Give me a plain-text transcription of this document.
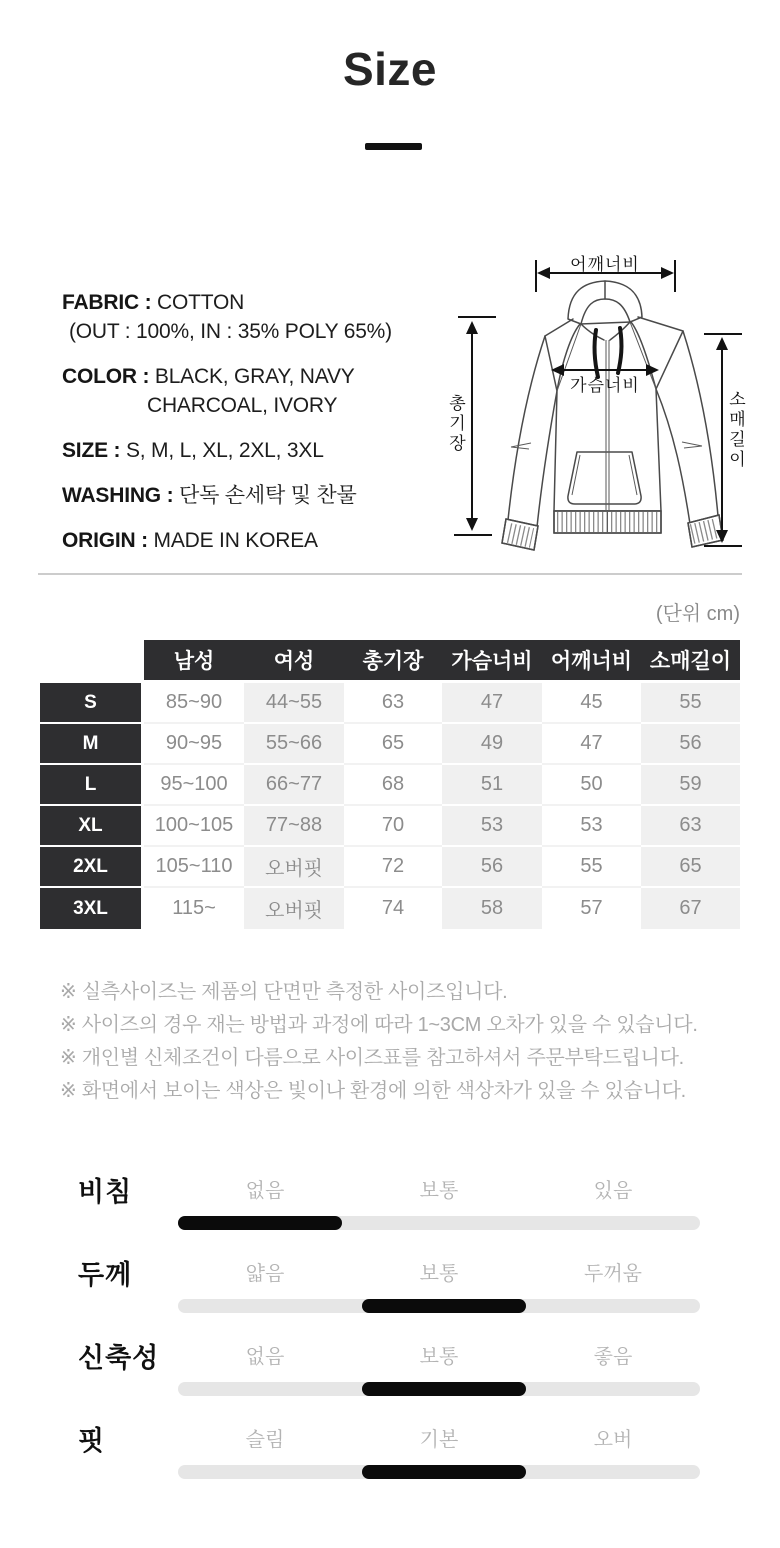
Size
FABRIC : COTTON
(OUT : 100%, IN : 35% POLY 65%)
COLOR : BLACK, GRAY, NAVY
CHARCOAL, IVORY
SIZE : S, M, L, XL, 2XL, 3XL
WASHING : 단독 손세탁 및 찬물
ORIGIN : MADE IN KOREA
어깨너비
가슴너비
총기장	소매길이
(단위 cm)
	남성	여성	총기장	가슴너비	어깨너비	소매길이
S	85~90	44~55	63	47	45	55
M	90~95	55~66	65	49	47	56
L	95~100	66~77	68	51	50	59
XL	100~105	77~88	70	53	53	63
2XL	105~110	오버핏	72	56	55	65
3XL	115~	오버핏	74	58	57	67
※ 실측사이즈는 제품의 단면만 측정한 사이즈입니다.
※ 사이즈의 경우 재는 방법과 과정에 따라 1~3CM 오차가 있을 수 있습니다.
※ 개인별 신체조건이 다름으로 사이즈표를 참고하셔서 주문부탁드립니다.
※ 화면에서 보이는 색상은 빛이나 환경에 의한 색상차가 있을 수 있습니다.
비침	없음	보통	있음
두께	얇음	보통	두꺼움
신축성	없음	보통	좋음
핏	슬림	기본	오버
